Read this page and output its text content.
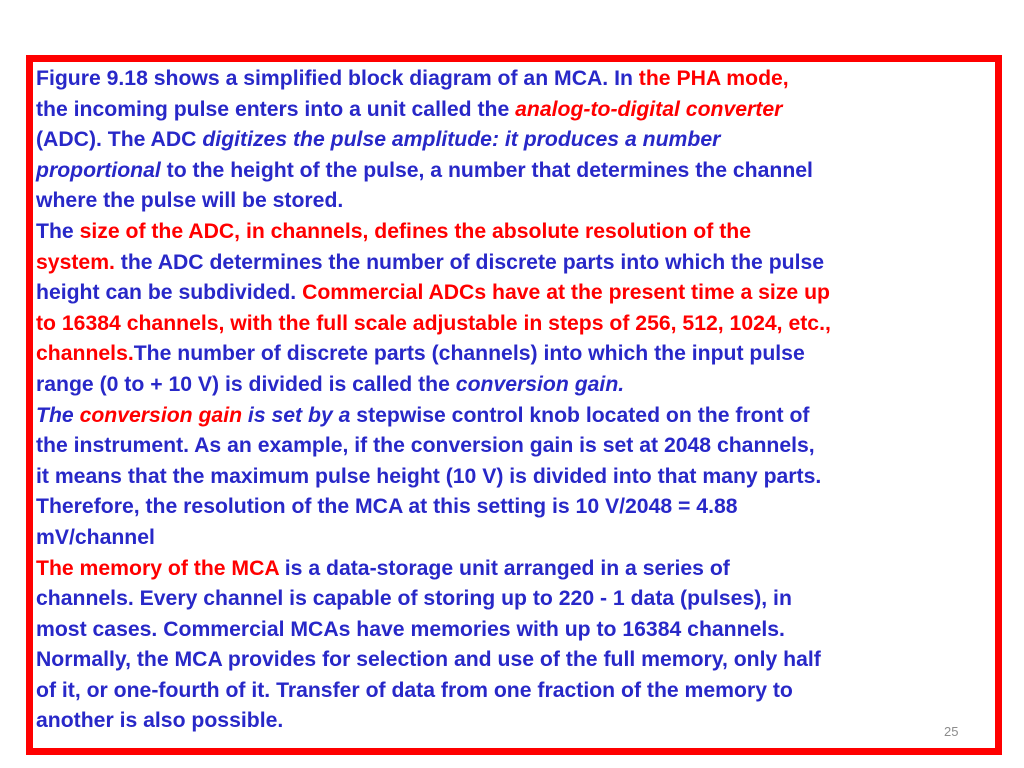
Figure 9.18 shows a simplified block diagram of an MCA. In the PHA mode,
the incoming pulse enters into a unit called the analog-to-digital converter
(ADC). The ADC digitizes the pulse amplitude: it produces a number
proportional to the height of the pulse, a number that determines the channel
where the pulse will be stored.
The size of the ADC, in channels, defines the absolute resolution of the
system. the ADC determines the number of discrete parts into which the pulse
height can be subdivided. Commercial ADCs have at the present time a size up
to 16384 channels, with the full scale adjustable in steps of 256, 512, 1024, etc.,
channels.The number of discrete parts (channels) into which the input pulse
range (0 to + 10 V) is divided is called the conversion gain.
The conversion gain is set by a stepwise control knob located on the front of
the instrument. As an example, if the conversion gain is set at 2048 channels,
it means that the maximum pulse height (10 V) is divided into that many parts.
Therefore, the resolution of the MCA at this setting is 10 V/2048 = 4.88
mV/channel
The memory of the MCA is a data-storage unit arranged in a series of
channels. Every channel is capable of storing up to 220 - 1 data (pulses), in
most cases. Commercial MCAs have memories with up to 16384 channels.
Normally, the MCA provides for selection and use of the full memory, only half
of it, or one-fourth of it. Transfer of data from one fraction of the memory to
another is also possible.	25
